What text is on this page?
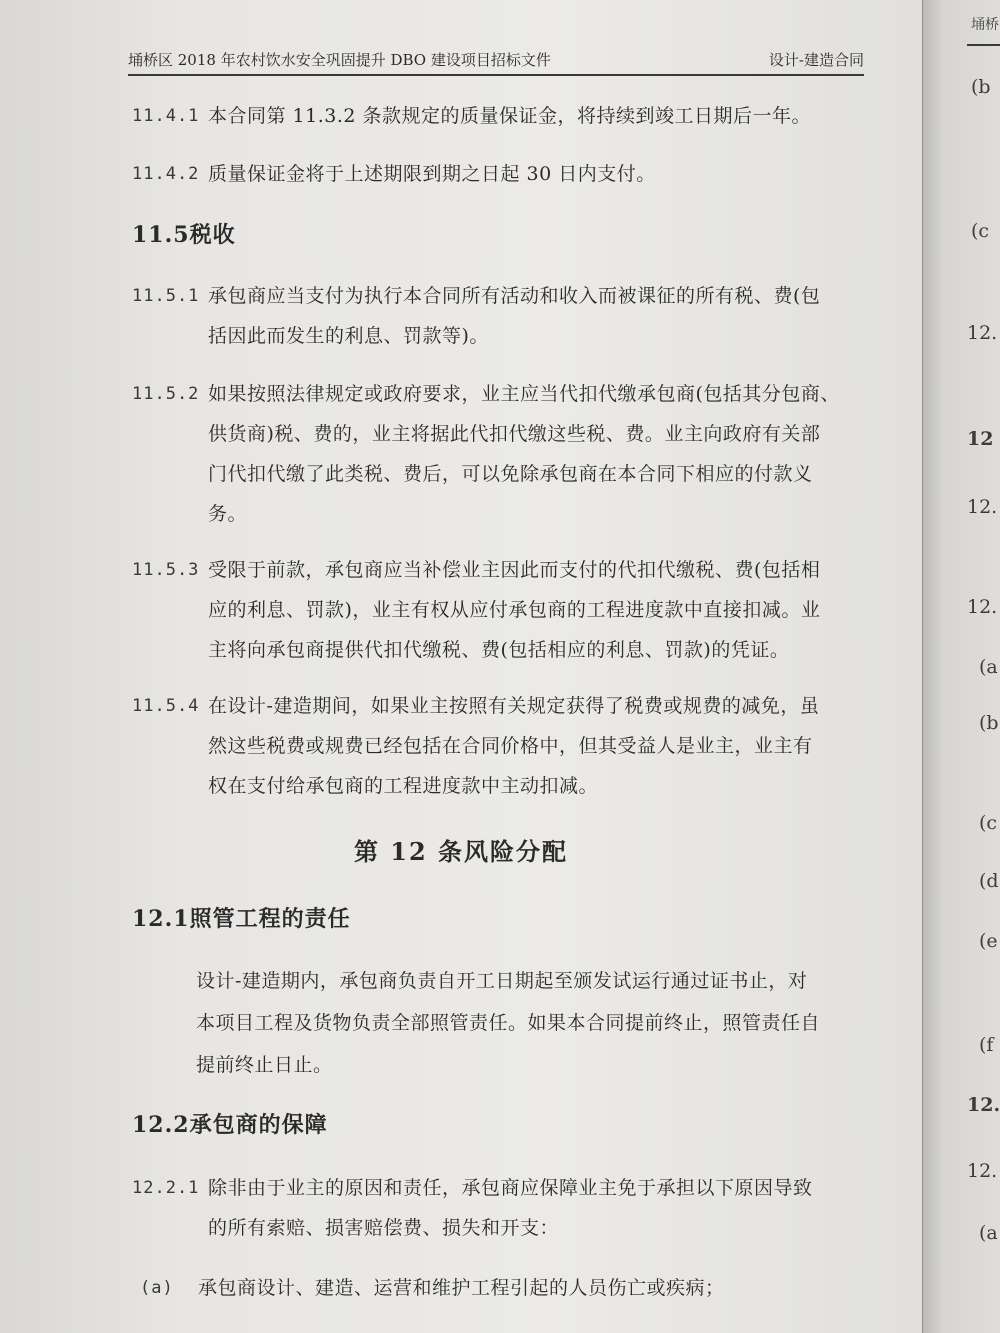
埇桥区 2018 年农村饮水安全巩固提升 DBO 建设项目招标文件	设计-建造合同
11.4.1 本合同第 11.3.2 条款规定的质量保证金，将持续到竣工日期后一年。
11.4.2 质量保证金将于上述期限到期之日起 30 日内支付。
11.5税收
11.5.1 承包商应当支付为执行本合同所有活动和收入而被课征的所有税、费(包
括因此而发生的利息、罚款等)。
11.5.2 如果按照法律规定或政府要求，业主应当代扣代缴承包商(包括其分包商、
供货商)税、费的，业主将据此代扣代缴这些税、费。业主向政府有关部
门代扣代缴了此类税、费后，可以免除承包商在本合同下相应的付款义
务。
11.5.3 受限于前款，承包商应当补偿业主因此而支付的代扣代缴税、费(包括相
应的利息、罚款)，业主有权从应付承包商的工程进度款中直接扣减。业
主将向承包商提供代扣代缴税、费(包括相应的利息、罚款)的凭证。
11.5.4 在设计-建造期间，如果业主按照有关规定获得了税费或规费的减免，虽
然这些税费或规费已经包括在合同价格中，但其受益人是业主，业主有
权在支付给承包商的工程进度款中主动扣减。
第 12 条风险分配
12.1照管工程的责任
设计-建造期内，承包商负责自开工日期起至颁发试运行通过证书止，对
本项目工程及货物负责全部照管责任。如果本合同提前终止，照管责任自
提前终止日止。
12.2承包商的保障
12.2.1 除非由于业主的原因和责任，承包商应保障业主免于承担以下原因导致
的所有索赔、损害赔偿费、损失和开支：
(a) 承包商设计、建造、运营和维护工程引起的人员伤亡或疾病；
埇桥
(b
(c
12.
12
12.
12.
(a
(b
(c
(d
(e
(f
12.
12.
(a
